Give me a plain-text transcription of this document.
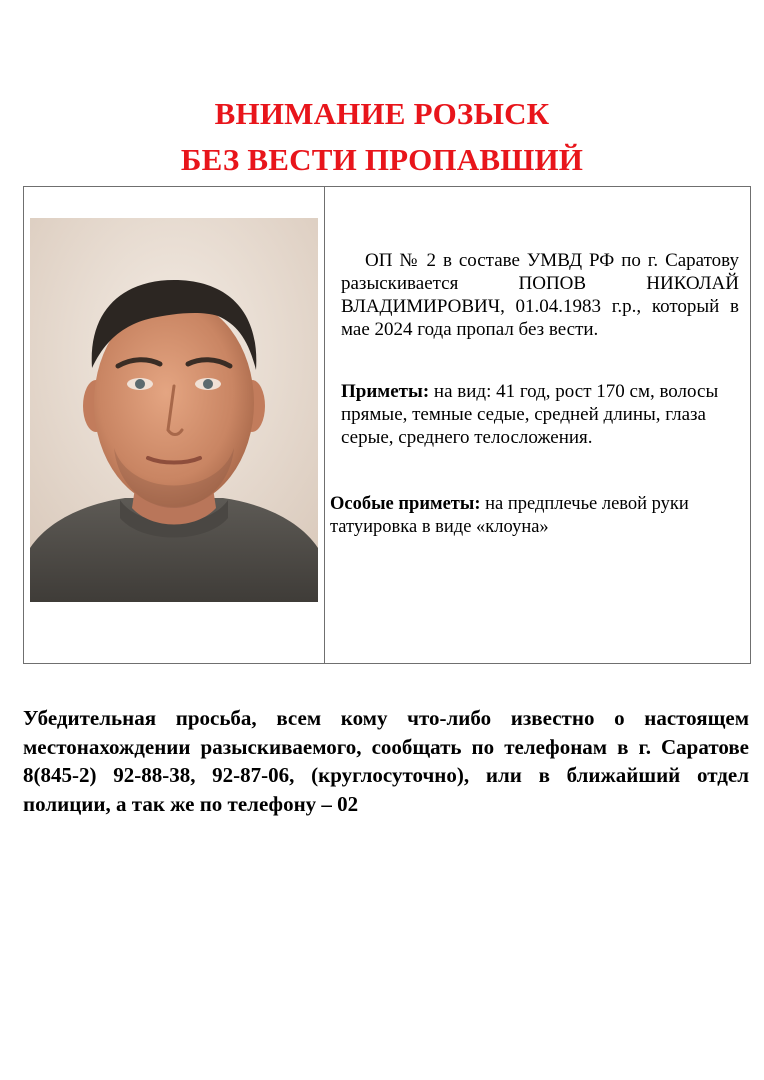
ВНИМАНИЕ РОЗЫСК
БЕЗ ВЕСТИ ПРОПАВШИЙ
ОП № 2 в составе УМВД РФ по г. Саратову разыскивается ПОПОВ НИКОЛАЙ ВЛАДИМИРОВИЧ, 01.04.1983 г.р., который в мае 2024 года пропал без вести.
Приметы: на вид: 41 год, рост 170 см, волосы прямые, темные седые, средней длины, глаза серые, среднего телосложения.
Особые приметы: на предплечье левой руки татуировка в виде «клоуна»
Убедительная просьба, всем кому что-либо известно о настоящем местонахождении разыскиваемого, сообщать по телефонам в г. Саратове 8(845-2) 92-88-38, 92-87-06, (круглосуточно), или в ближайший отдел полиции, а так же по телефону – 02
